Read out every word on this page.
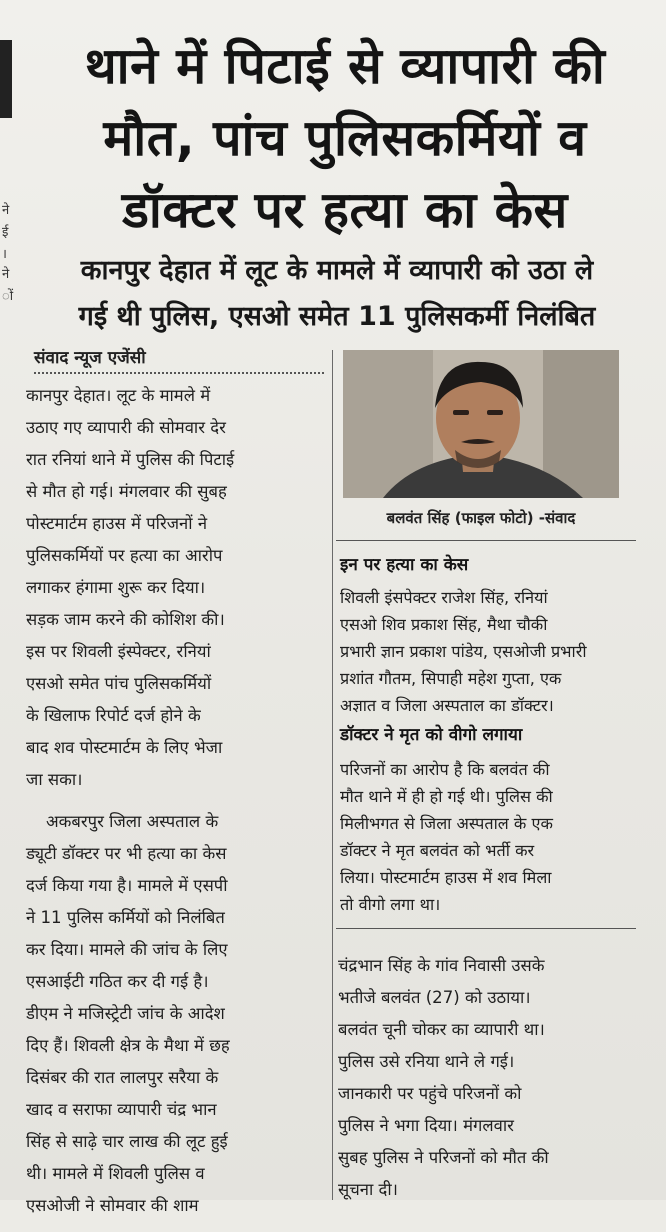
ने
ई
।
ने
ों
थाने में पिटाई से व्यापारी की
मौत, पांच पुलिसकर्मियों व
डॉक्टर पर हत्या का केस
कानपुर देहात में लूट के मामले में व्यापारी को उठा ले
गई थी पुलिस, एसओ समेत 11 पुलिसकर्मी निलंबित
संवाद न्यूज एजेंसी

कानपुर देहात। लूट के मामले में
उठाए गए व्यापारी की सोमवार देर
रात रनियां थाने में पुलिस की पिटाई
से मौत हो गई। मंगलवार की सुबह
पोस्टमार्टम हाउस में परिजनों ने
पुलिसकर्मियों पर हत्या का आरोप
लगाकर हंगामा शुरू कर दिया।
सड़क जाम करने की कोशिश की।
इस पर शिवली इंस्पेक्टर, रनियां
एसओ समेत पांच पुलिसकर्मियों
के खिलाफ रिपोर्ट दर्ज होने के
बाद शव पोस्टमार्टम के लिए भेजा
जा सका।

अकबरपुर जिला अस्पताल के
ड्यूटी डॉक्टर पर भी हत्या का केस
दर्ज किया गया है। मामले में एसपी
ने 11 पुलिस कर्मियों को निलंबित
कर दिया। मामले की जांच के लिए
एसआईटी गठित कर दी गई है।
डीएम ने मजिस्ट्रेटी जांच के आदेश
दिए हैं। शिवली क्षेत्र के मैथा में छह
दिसंबर की रात लालपुर सरैया के
खाद व सराफा व्यापारी चंद्र भान
सिंह से साढ़े चार लाख की लूट हुई
थी। मामले में शिवली पुलिस व
एसओजी ने सोमवार की शाम

बलवंत सिंह (फाइल फोटो) -संवाद
इन पर हत्या का केस
शिवली इंसपेक्टर राजेश सिंह, रनियां
एसओ शिव प्रकाश सिंह, मैथा चौकी
प्रभारी ज्ञान प्रकाश पांडेय, एसओजी प्रभारी
प्रशांत गौतम, सिपाही महेश गुप्ता, एक
अज्ञात व जिला अस्पताल का डॉक्टर।
डॉक्टर ने मृत को वीगो लगाया
परिजनों का आरोप है कि बलवंत की
मौत थाने में ही हो गई थी। पुलिस की
मिलीभगत से जिला अस्पताल के एक
डॉक्टर ने मृत बलवंत को भर्ती कर
लिया। पोस्टमार्टम हाउस में शव मिला
तो वीगो लगा था।
चंद्रभान सिंह के गांव निवासी उसके
भतीजे बलवंत (27) को उठाया।
बलवंत चूनी चोकर का व्यापारी था।
पुलिस उसे रनिया थाने ले गई।
जानकारी पर पहुंचे परिजनों को
पुलिस ने भगा दिया। मंगलवार
सुबह पुलिस ने परिजनों को मौत की
सूचना दी।
